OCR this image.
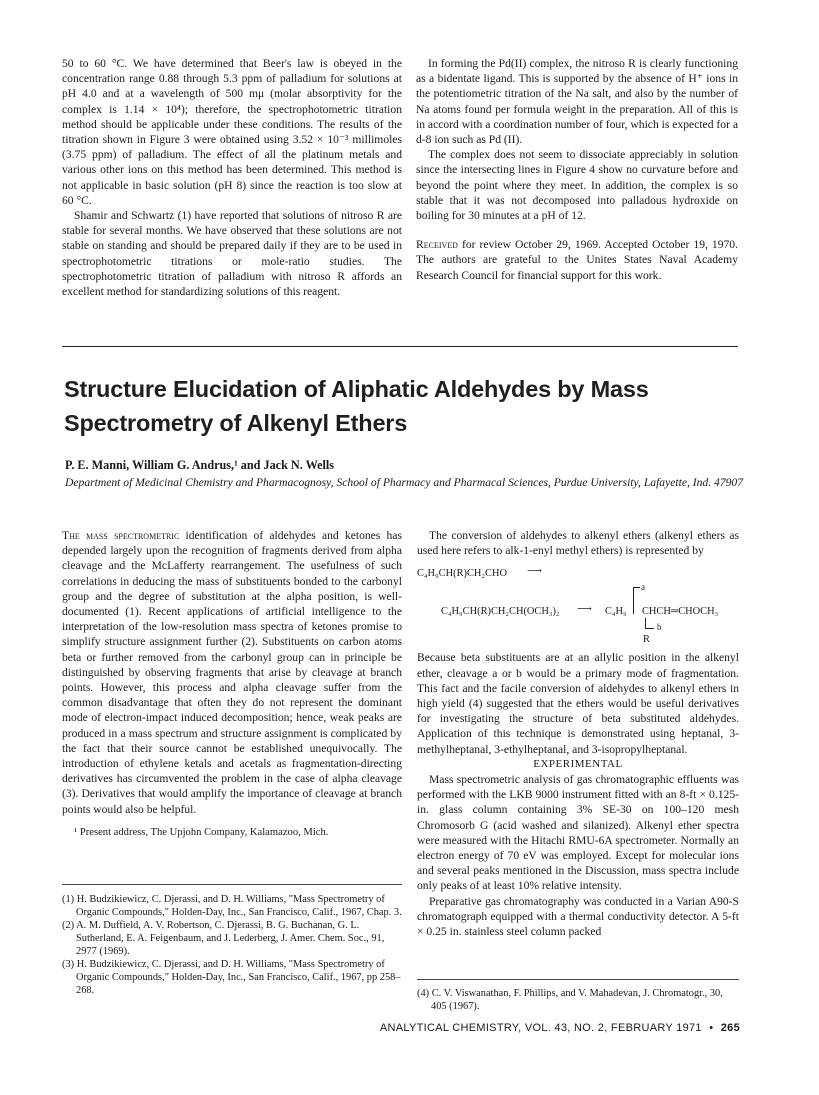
50 to 60 °C. We have determined that Beer's law is obeyed in the concentration range 0.88 through 5.3 ppm of palladium for solutions at pH 4.0 and at a wavelength of 500 mμ (molar absorptivity for the complex is 1.14 × 10⁴); therefore, the spectrophotometric titration method should be applicable under these conditions. The results of the titration shown in Figure 3 were obtained using 3.52 × 10⁻³ millimoles (3.75 ppm) of palladium. The effect of all the platinum metals and various other ions on this method has been determined. This method is not applicable in basic solution (pH 8) since the reaction is too slow at 60 °C.

Shamir and Schwartz (1) have reported that solutions of nitroso R are stable for several months. We have observed that these solutions are not stable on standing and should be prepared daily if they are to be used in spectrophotometric titrations or mole-ratio studies. The spectrophotometric titration of palladium with nitroso R affords an excellent method for standardizing solutions of this reagent.

In forming the Pd(II) complex, the nitroso R is clearly functioning as a bidentate ligand. This is supported by the absence of H⁺ ions in the potentiometric titration of the Na salt, and also by the number of Na atoms found per formula weight in the preparation. All of this is in accord with a coordination number of four, which is expected for a d-8 ion such as Pd (II).

The complex does not seem to dissociate appreciably in solution since the intersecting lines in Figure 4 show no curvature before and beyond the point where they meet. In addition, the complex is so stable that it was not decomposed into palladous hydroxide on boiling for 30 minutes at a pH of 12.

Received for review October 29, 1969. Accepted October 19, 1970. The authors are grateful to the Unites States Naval Academy Research Council for financial support for this work.

Structure Elucidation of Aliphatic Aldehydes by Mass Spectrometry of Alkenyl Ethers
P. E. Manni, William G. Andrus,¹ and Jack N. Wells
Department of Medicinal Chemistry and Pharmacognosy, School of Pharmacy and Pharmacal Sciences, Purdue University, Lafayette, Ind. 47907

The mass spectrometric identification of aldehydes and ketones has depended largely upon the recognition of fragments derived from alpha cleavage and the McLafferty rearrangement. The usefulness of such correlations in deducing the mass of substituents bonded to the carbonyl group and the degree of substitution at the alpha position, is well-documented (1). Recent applications of artificial intelligence to the interpretation of the low-resolution mass spectra of ketones promise to simplify structure assignment further (2). Substituents on carbon atoms beta or further removed from the carbonyl group can in principle be distinguished by observing fragments that arise by cleavage at branch points. However, this process and alpha cleavage suffer from the common disadvantage that often they do not represent the dominant mode of electron-impact induced decomposition; hence, weak peaks are produced in a mass spectrum and structure assignment is complicated by the fact that their source cannot be established unequivocally. The introduction of ethylene ketals and acetals as fragmentation-directing derivatives has circumvented the problem in the case of alpha cleavage (3). Derivatives that would amplify the importance of cleavage at branch points would also be helpful.

¹ Present address, The Upjohn Company, Kalamazoo, Mich.

(1) H. Budzikiewicz, C. Djerassi, and D. H. Williams, "Mass Spectrometry of Organic Compounds," Holden-Day, Inc., San Francisco, Calif., 1967, Chap. 3.

(2) A. M. Duffield, A. V. Robertson, C. Djerassi, B. G. Buchanan, G. L. Sutherland, E. A. Feigenbaum, and J. Lederberg, J. Amer. Chem. Soc., 91, 2977 (1969).

(3) H. Budzikiewicz, C. Djerassi, and D. H. Williams, "Mass Spectrometry of Organic Compounds," Holden-Day, Inc., San Francisco, Calif., 1967, pp 258–268.

The conversion of aldehydes to alkenyl ethers (alkenyl ethers as used here refers to alk-1-enyl methyl ethers) is represented by

C₄H₉CH(R)CH₂CHO ⟶
C₄H₉CH(R)CH₂CH(OCH₃)₂ ⟶ C₄H₉
a
CHCH═CHOCH₃
b
R

Because beta substituents are at an allylic position in the alkenyl ether, cleavage a or b would be a primary mode of fragmentation. This fact and the facile conversion of aldehydes to alkenyl ethers in high yield (4) suggested that the ethers would be useful derivatives for investigating the structure of beta substituted aldehydes. Application of this technique is demonstrated using heptanal, 3-methylheptanal, 3-ethylheptanal, and 3-isopropylheptanal.

EXPERIMENTAL

Mass spectrometric analysis of gas chromatographic effluents was performed with the LKB 9000 instrument fitted with an 8-ft × 0.125-in. glass column containing 3% SE-30 on 100–120 mesh Chromosorb G (acid washed and silanized). Alkenyl ether spectra were measured with the Hitachi RMU-6A spectrometer. Normally an electron energy of 70 eV was employed. Except for molecular ions and several peaks mentioned in the Discussion, mass spectra include only peaks of at least 10% relative intensity.

Preparative gas chromatography was conducted in a Varian A90-S chromatograph equipped with a thermal conductivity detector. A 5-ft × 0.25 in. stainless steel column packed

(4) C. V. Viswanathan, F. Phillips, and V. Mahadevan, J. Chromatogr., 30, 405 (1967).

ANALYTICAL CHEMISTRY, VOL. 43, NO. 2, FEBRUARY 1971 • 265
